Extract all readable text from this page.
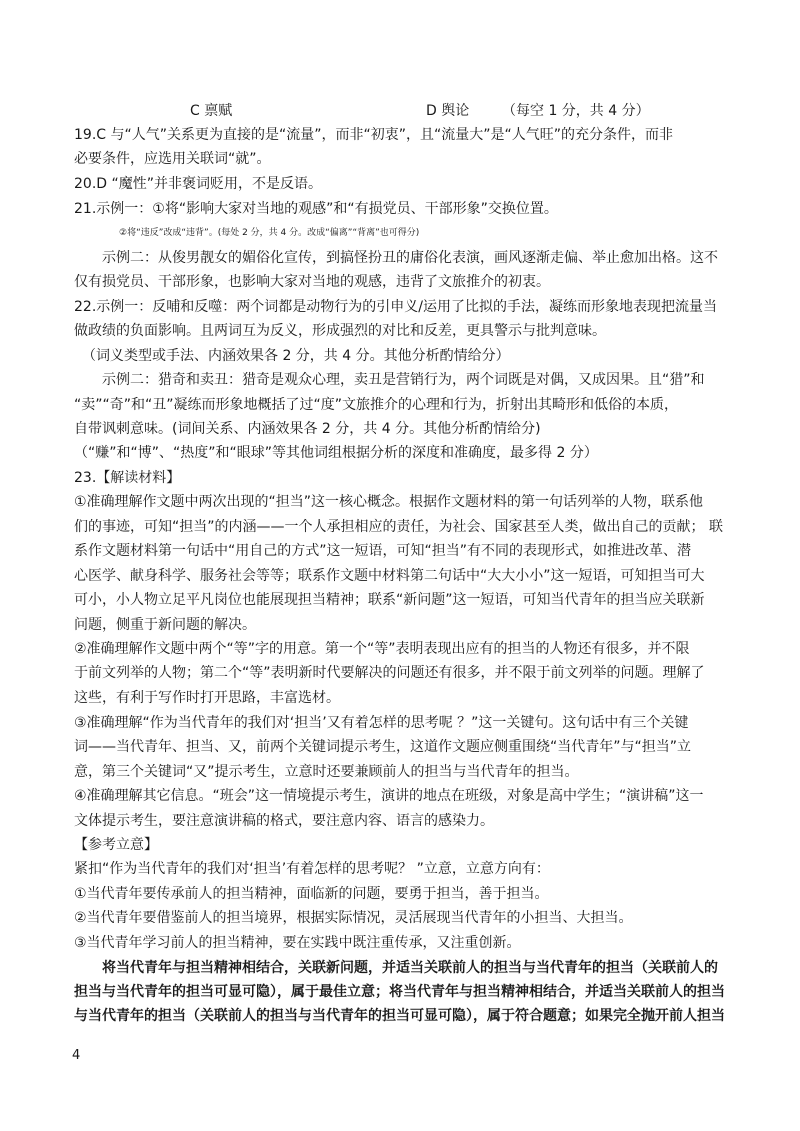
C 禀赋	D 舆论 （每空 1 分，共 4 分）
19.C 与“人气”关系更为直接的是“流量”，而非“初衷”，且“流量大”是“人气旺”的充分条件，而非
必要条件，应选用关联词“就”。
20.D “魔性”并非褒词贬用，不是反语。
21.示例一：①将“影响大家对当地的观感”和“有损党员、干部形象”交换位置。
②将“违反”改成“违背”。(每处 2 分，共 4 分。改成“偏离”“背离”也可得分)
示例二：从俊男靓女的媚俗化宣传，到搞怪扮丑的庸俗化表演，画风逐渐走偏、举止愈加出格。这不
仅有损党员、干部形象，也影响大家对当地的观感，违背了文旅推介的初衷。
22.示例一：反哺和反噬：两个词都是动物行为的引申义/运用了比拟的手法，凝练而形象地表现把流量当
做政绩的负面影响。且两词互为反义，形成强烈的对比和反差，更具警示与批判意味。
（词义类型或手法、内涵效果各 2 分，共 4 分。其他分析酌情给分）
示例二：猎奇和卖丑：猎奇是观众心理，卖丑是营销行为，两个词既是对偶，又成因果。且“猎”和
“卖”“奇”和“丑”凝练而形象地概括了过“度”文旅推介的心理和行为，折射出其畸形和低俗的本质，
自带讽刺意味。(词间关系、内涵效果各 2 分，共 4 分。其他分析酌情给分)
（“赚”和“博”、“热度”和“眼球”等其他词组根据分析的深度和准确度，最多得 2 分）
23.【解读材料】
①准确理解作文题中两次出现的“担当”这一核心概念。根据作文题材料的第一句话列举的人物，联系他
们的事迹，可知“担当”的内涵——一个人承担相应的责任，为社会、国家甚至人类，做出自己的贡献； 联
系作文题材料第一句话中“用自己的方式”这一短语，可知“担当”有不同的表现形式，如推进改革、潜
心医学、献身科学、服务社会等等；联系作文题中材料第二句话中“大大小小”这一短语，可知担当可大
可小，小人物立足平凡岗位也能展现担当精神；联系“新问题”这一短语，可知当代青年的担当应关联新
问题，侧重于新问题的解决。
②准确理解作文题中两个“等”字的用意。第一个“等”表明表现出应有的担当的人物还有很多，并不限
于前文列举的人物；第二个“等”表明新时代要解决的问题还有很多，并不限于前文列举的问题。理解了
这些，有利于写作时打开思路，丰富选材。
③准确理解“作为当代青年的我们对‘担当’又有着怎样的思考呢 ？”这一关键句。这句话中有三个关键
词——当代青年、担当、又，前两个关键词提示考生，这道作文题应侧重围绕“当代青年”与“担当”立
意，第三个关键词“又”提示考生，立意时还要兼顾前人的担当与当代青年的担当。
④准确理解其它信息。“班会”这一情境提示考生，演讲的地点在班级，对象是高中学生；“演讲稿”这一
文体提示考生，要注意演讲稿的格式，要注意内容、语言的感染力。
【参考立意】
紧扣“作为当代青年的我们对‘担当’有着怎样的思考呢？ ”立意，立意方向有：
①当代青年要传承前人的担当精神，面临新的问题，要勇于担当，善于担当。
②当代青年要借鉴前人的担当境界，根据实际情况，灵活展现当代青年的小担当、大担当。
③当代青年学习前人的担当精神，要在实践中既注重传承，又注重创新。
将当代青年与担当精神相结合，关联新问题，并适当关联前人的担当与当代青年的担当（关联前人的
担当与当代青年的担当可显可隐），属于最佳立意；将当代青年与担当精神相结合，并适当关联前人的担当
与当代青年的担当（关联前人的担当与当代青年的担当可显可隐），属于符合题意；如果完全抛开前人担当
4
